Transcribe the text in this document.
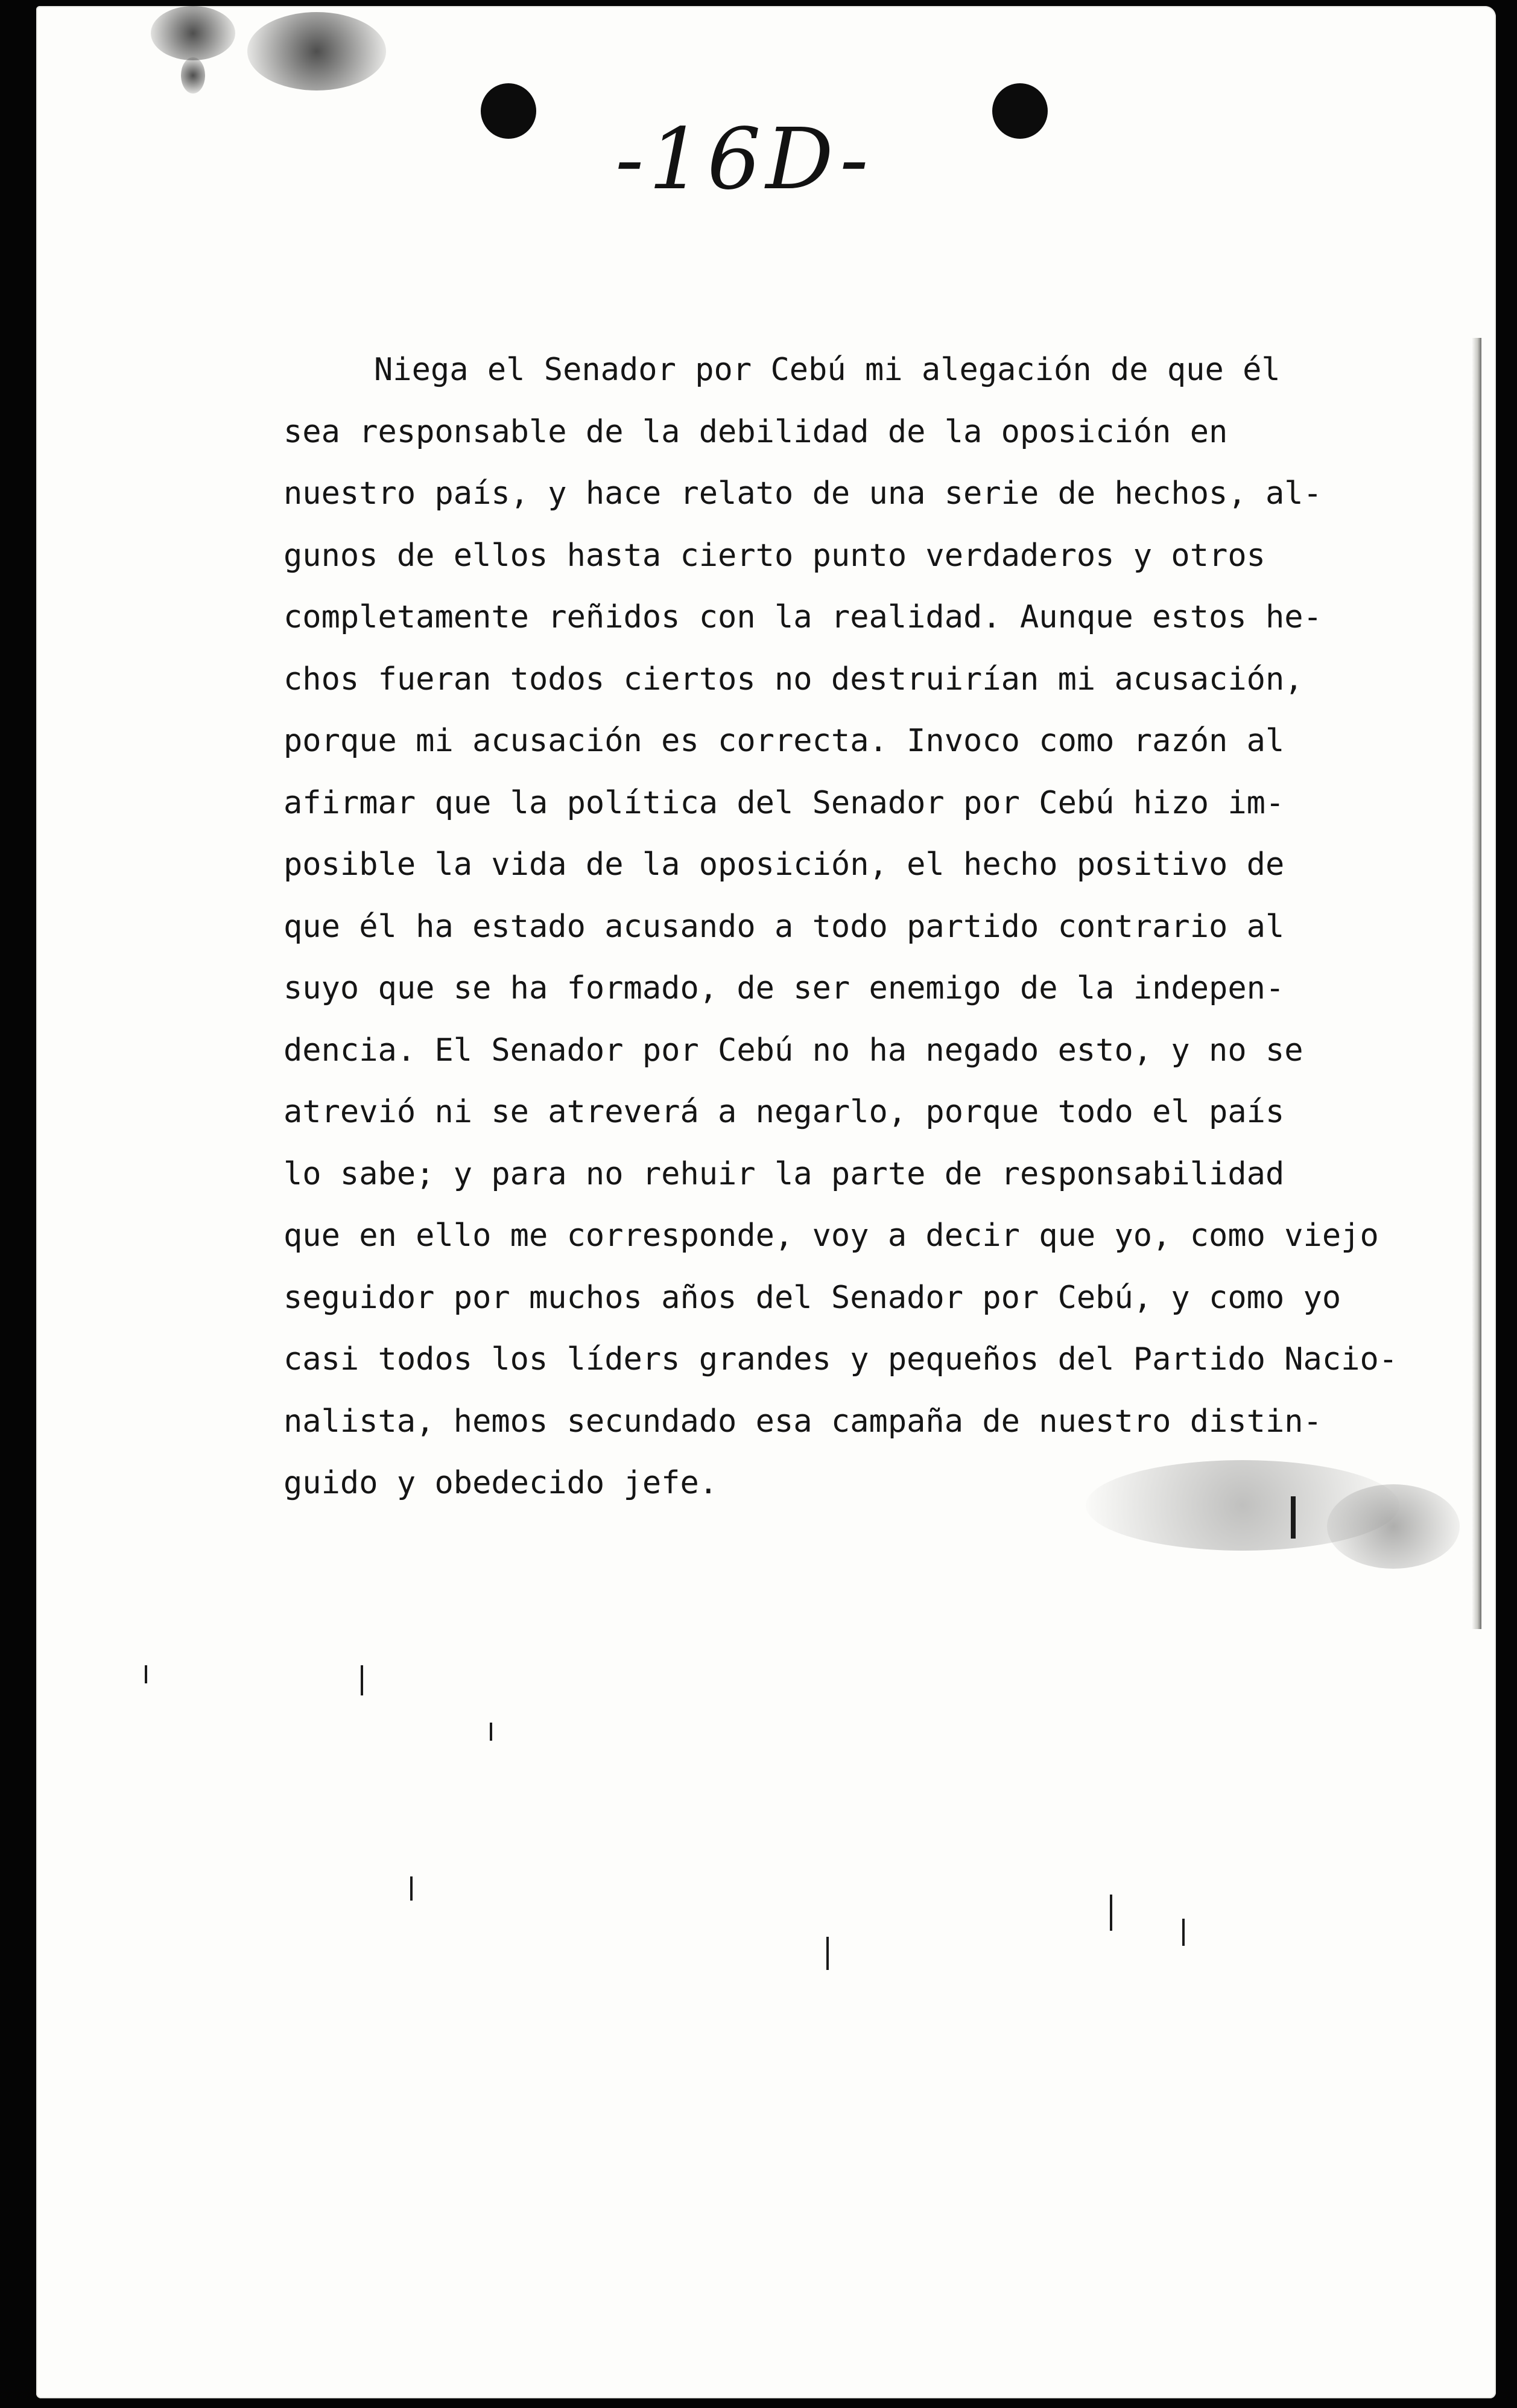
-16D-
Niega el Senador por Cebú mi alegación de que él
sea responsable de la debilidad de la oposición en
nuestro país, y hace relato de una serie de hechos, al-
gunos de ellos hasta cierto punto verdaderos y otros
completamente reñidos con la realidad. Aunque estos he-
chos fueran todos ciertos no destruirían mi acusación,
porque mi acusación es correcta. Invoco como razón al
afirmar que la política del Senador por Cebú hizo im-
posible la vida de la oposición, el hecho positivo de
que él ha estado acusando a todo partido contrario al
suyo que se ha formado, de ser enemigo de la indepen-
dencia. El Senador por Cebú no ha negado esto, y no se
atrevió ni se atreverá a negarlo, porque todo el país
lo sabe; y para no rehuir la parte de responsabilidad
que en ello me corresponde, voy a decir que yo, como viejo
seguidor por muchos años del Senador por Cebú, y como yo
casi todos los líders grandes y pequeños del Partido Nacio-
nalista, hemos secundado esa campaña de nuestro distin-
guido y obedecido jefe.
